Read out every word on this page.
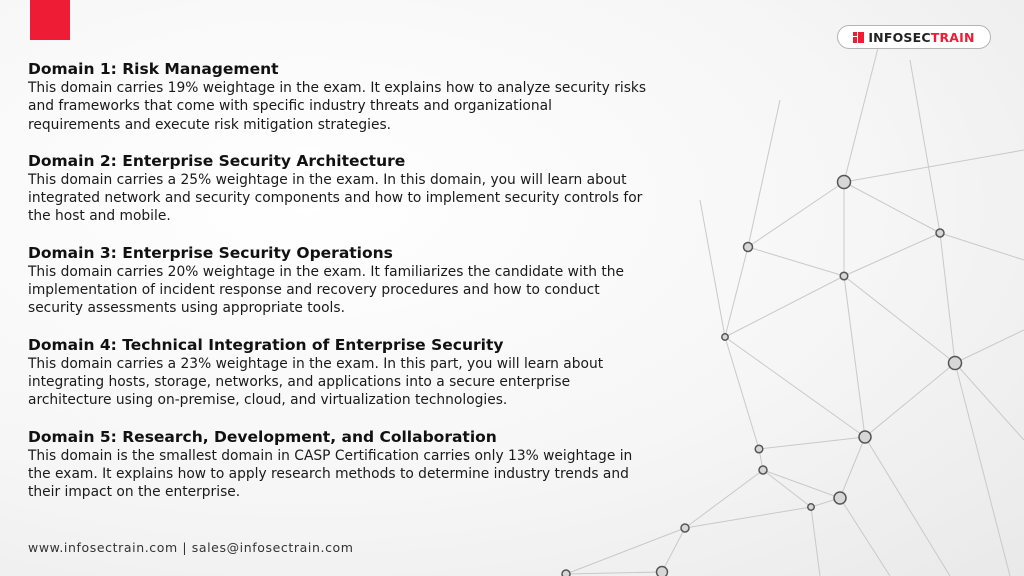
INFOSECTRAIN
Domain 1: Risk Management
This domain carries 19% weightage in the exam. It explains how to analyze security risks and frameworks that come with specific industry threats and organizational requirements and execute risk mitigation strategies.
Domain 2: Enterprise Security Architecture
This domain carries a 25% weightage in the exam. In this domain, you will learn about integrated network and security components and how to implement security controls for the host and mobile.
Domain 3: Enterprise Security Operations
This domain carries 20% weightage in the exam. It familiarizes the candidate with the implementation of incident response and recovery procedures and how to conduct security assessments using appropriate tools.
Domain 4: Technical Integration of Enterprise Security
This domain carries a 23% weightage in the exam. In this part, you will learn about integrating hosts, storage, networks, and applications into a secure enterprise architecture using on-premise, cloud, and virtualization technologies.
Domain 5: Research, Development, and Collaboration
This domain is the smallest domain in CASP Certification carries only 13% weightage in the exam. It explains how to apply research methods to determine industry trends and their impact on the enterprise.
www.infosectrain.com | sales@infosectrain.com
